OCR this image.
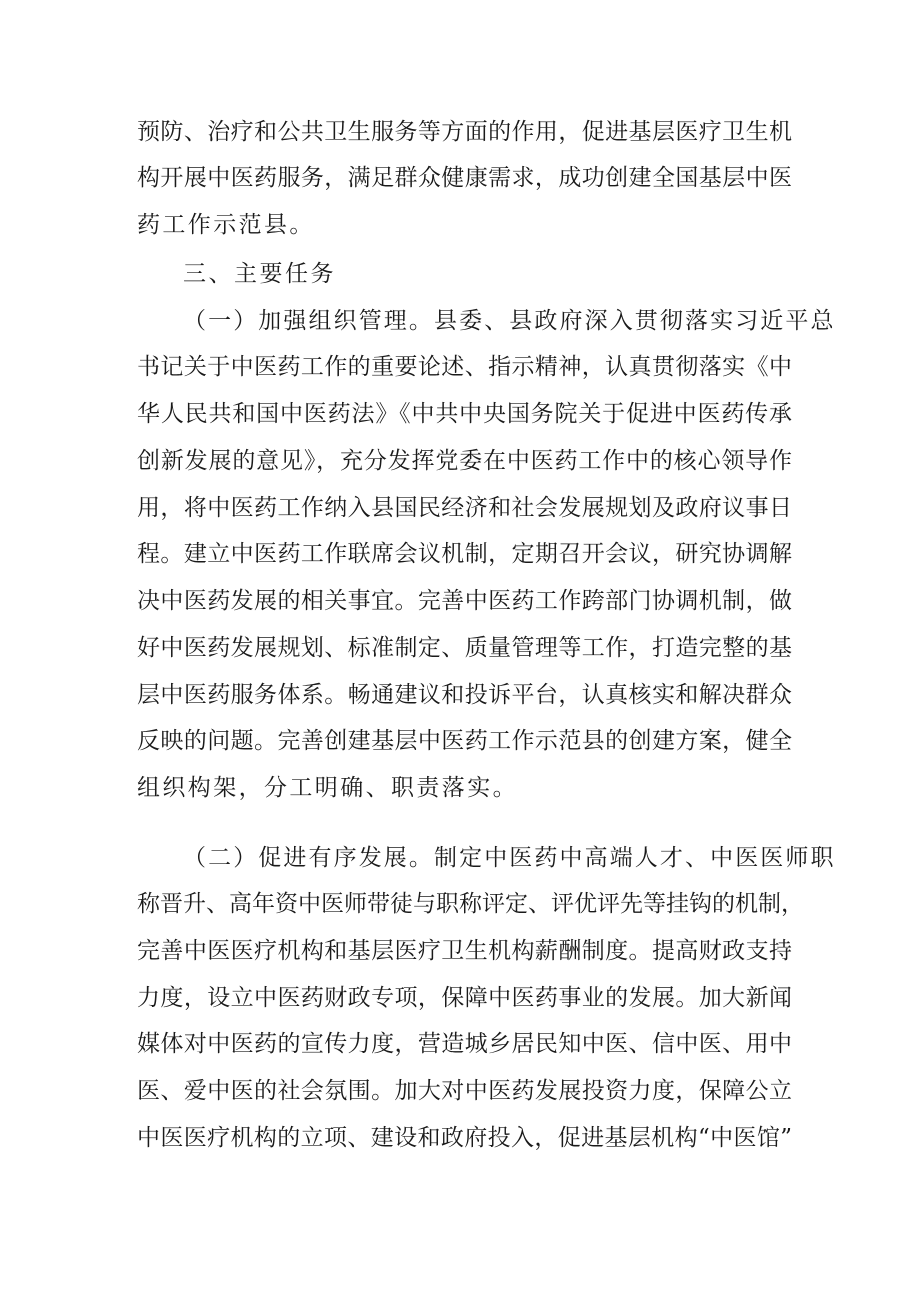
预防、治疗和公共卫生服务等方面的作用，促进基层医疗卫生机
构开展中医药服务，满足群众健康需求，成功创建全国基层中医
药工作示范县。
三、主要任务
（一）加强组织管理。县委、县政府深入贯彻落实习近平总
书记关于中医药工作的重要论述、指示精神，认真贯彻落实《中
华人民共和国中医药法》《中共中央国务院关于促进中医药传承
创新发展的意见》，充分发挥党委在中医药工作中的核心领导作
用，将中医药工作纳入县国民经济和社会发展规划及政府议事日
程。建立中医药工作联席会议机制，定期召开会议，研究协调解
决中医药发展的相关事宜。完善中医药工作跨部门协调机制，做
好中医药发展规划、标准制定、质量管理等工作，打造完整的基
层中医药服务体系。畅通建议和投诉平台，认真核实和解决群众
反映的问题。完善创建基层中医药工作示范县的创建方案，健全
组织构架，分工明确、职责落实。
（二）促进有序发展。制定中医药中高端人才、中医医师职
称晋升、高年资中医师带徒与职称评定、评优评先等挂钩的机制，
完善中医医疗机构和基层医疗卫生机构薪酬制度。提高财政支持
力度，设立中医药财政专项，保障中医药事业的发展。加大新闻
媒体对中医药的宣传力度，营造城乡居民知中医、信中医、用中
医、爱中医的社会氛围。加大对中医药发展投资力度，保障公立
中医医疗机构的立项、建设和政府投入，促进基层机构“中医馆”
